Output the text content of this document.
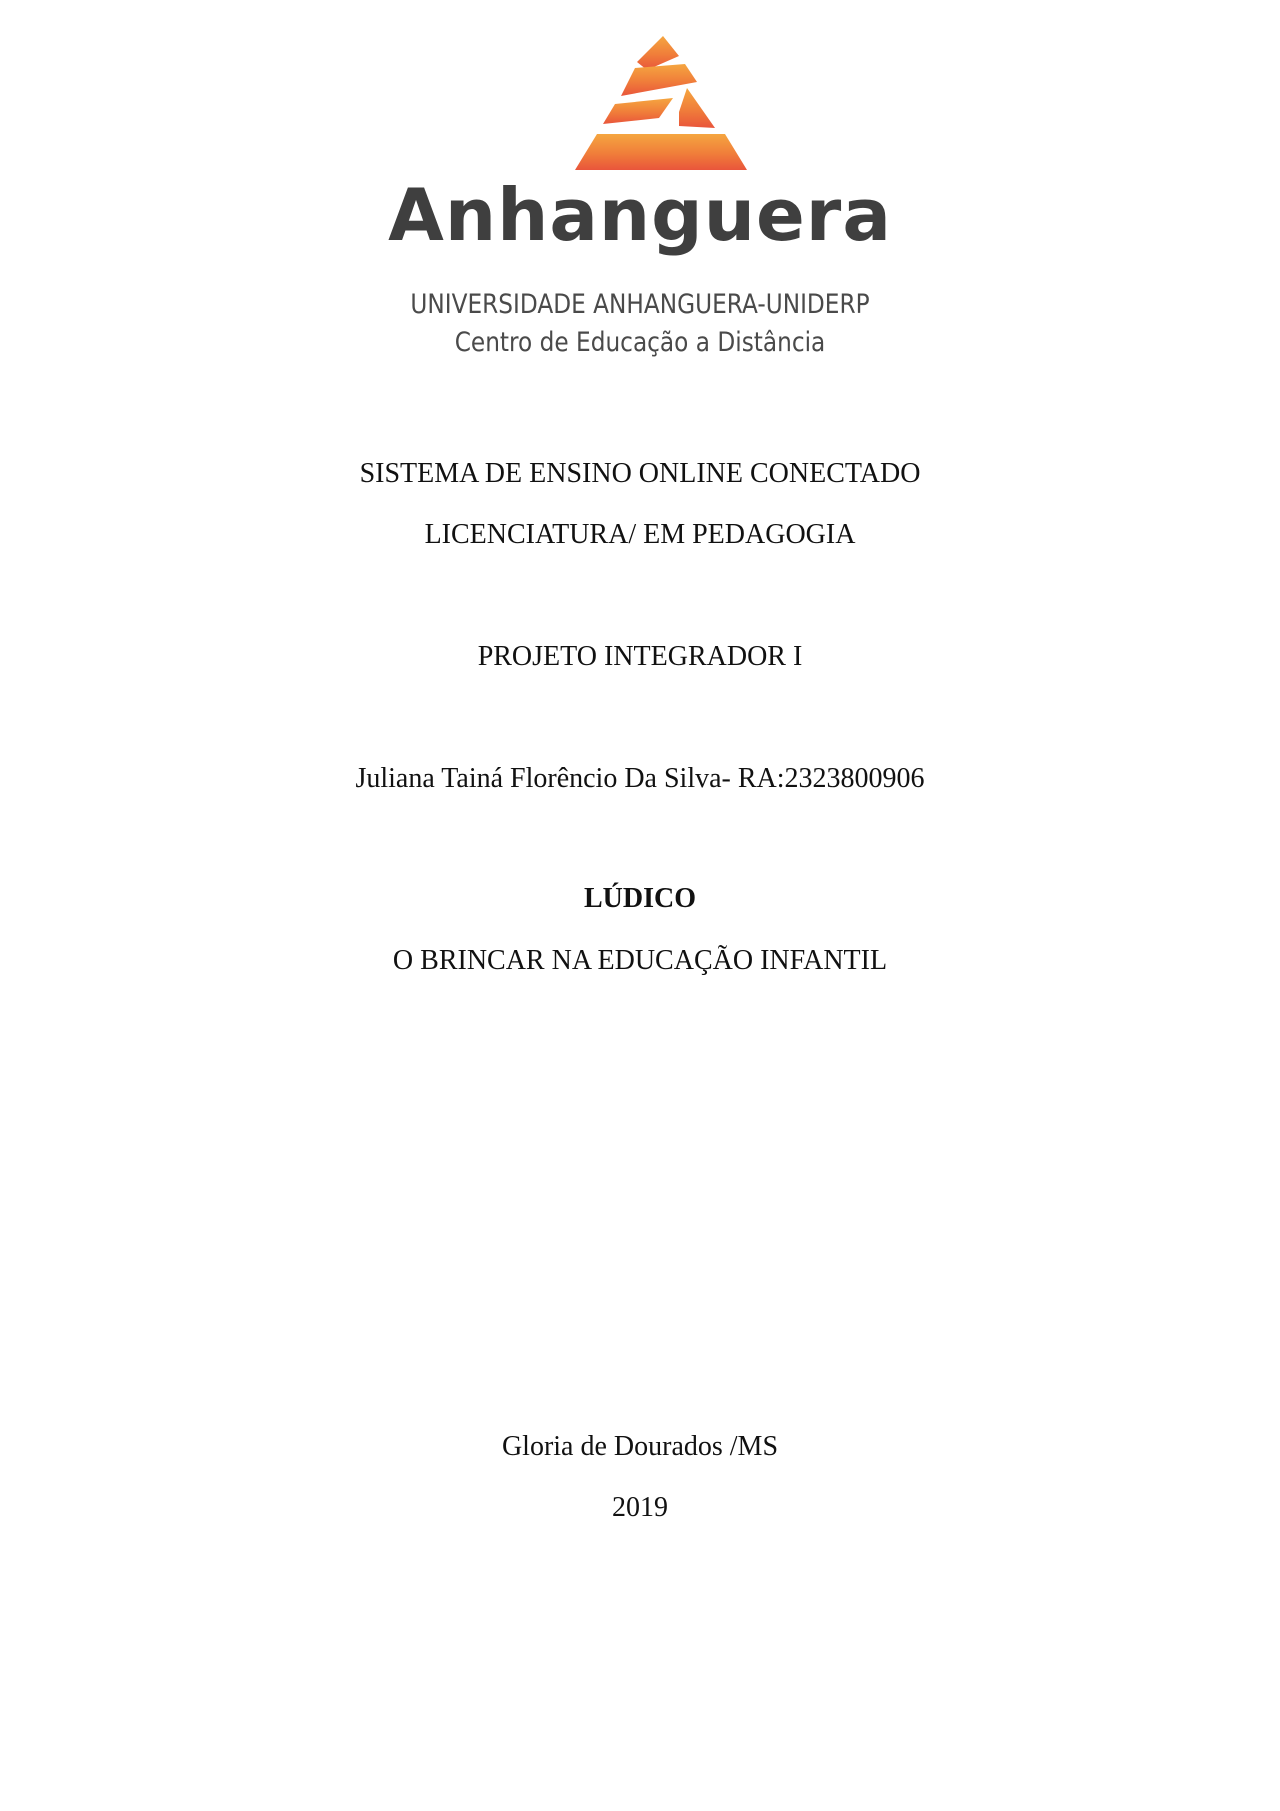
Anhanguera
UNIVERSIDADE ANHANGUERA-UNIDERP
Centro de Educação a Distância
SISTEMA DE ENSINO ONLINE CONECTADO
LICENCIATURA/ EM PEDAGOGIA
PROJETO INTEGRADOR I
Juliana Tainá Florêncio Da Silva- RA:2323800906
LÚDICO
O BRINCAR NA EDUCAÇÃO INFANTIL
Gloria de Dourados /MS
2019
